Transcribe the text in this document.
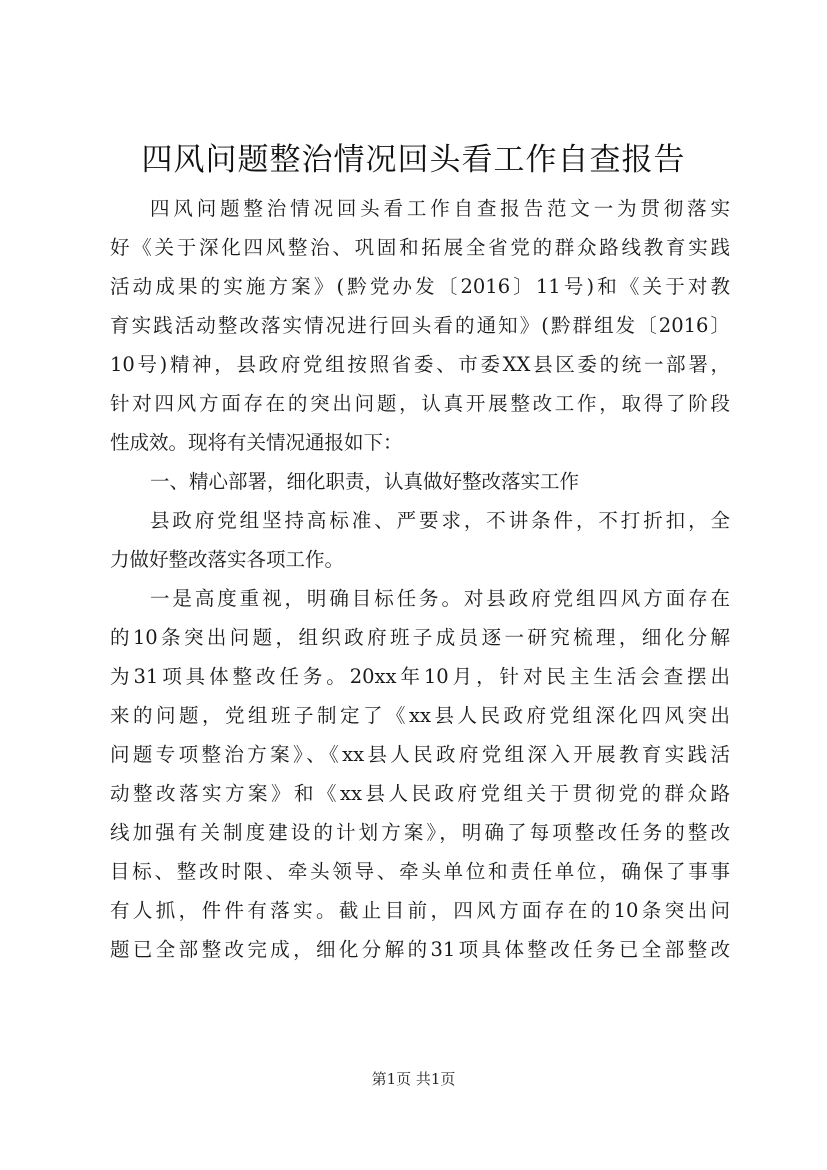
四风问题整治情况回头看工作自查报告
四风问题整治情况回头看工作自查报告范文一为贯彻落实
好《关于深化四风整治、巩固和拓展全省党的群众路线教育实践
活动成果的实施方案》(黔党办发〔2016〕11号)和《关于对教
育实践活动整改落实情况进行回头看的通知》(黔群组发〔2016〕
10号)精神，县政府党组按照省委、市委XX县区委的统一部署，
针对四风方面存在的突出问题，认真开展整改工作，取得了阶段
性成效。现将有关情况通报如下：
一、精心部署，细化职责，认真做好整改落实工作
县政府党组坚持高标准、严要求，不讲条件，不打折扣，全
力做好整改落实各项工作。
一是高度重视，明确目标任务。对县政府党组四风方面存在
的10条突出问题，组织政府班子成员逐一研究梳理，细化分解
为31项具体整改任务。20xx年10月，针对民主生活会查摆出
来的问题，党组班子制定了《xx县人民政府党组深化四风突出
问题专项整治方案》、《xx县人民政府党组深入开展教育实践活
动整改落实方案》和《xx县人民政府党组关于贯彻党的群众路
线加强有关制度建设的计划方案》，明确了每项整改任务的整改
目标、整改时限、牵头领导、牵头单位和责任单位，确保了事事
有人抓，件件有落实。截止目前，四风方面存在的10条突出问
题已全部整改完成，细化分解的31项具体整改任务已全部整改
第1页 共1页
